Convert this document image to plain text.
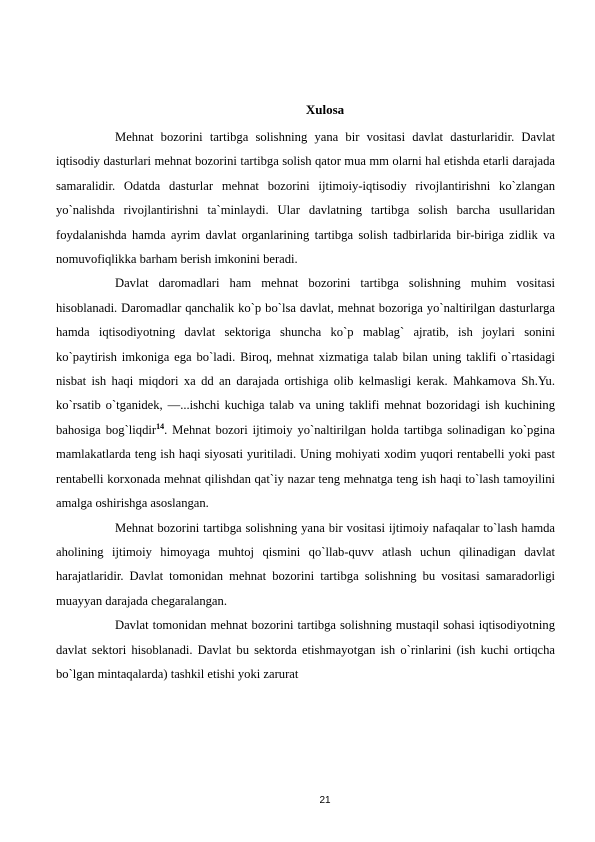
Xulosa

Mehnat bozorini tartibga solishning yana bir vositasi davlat dasturlaridir. Davlat iqtisodiy dasturlari mehnat bozorini tartibga solish qator mua mm olarni hal etishda etarli darajada samaralidir. Odatda dasturlar mehnat bozorini ijtimoiy-iqtisodiy rivojlantirishni ko`zlangan yo`nalishda rivojlantirishni ta`minlaydi. Ular davlatning tartibga solish barcha usullaridan foydalanishda hamda ayrim davlat organlarining tartibga solish tadbirlarida bir-biriga zidlik va nomuvofiqlikka barham berish imkonini beradi.

Davlat daromadlari ham mehnat bozorini tartibga solishning muhim vositasi hisoblanadi. Daromadlar qanchalik ko`p bo`lsa davlat, mehnat bozoriga yo`naltirilgan dasturlarga hamda iqtisodiyotning davlat sektoriga shuncha ko`p mablag` ajratib, ish joylari sonini ko`paytirish imkoniga ega bo`ladi. Biroq, mehnat xizmatiga talab bilan uning taklifi o`rtasidagi nisbat ish haqi miqdori xa dd an darajada ortishiga olib kelmasligi kerak. Mahkamova Sh.Yu. ko`rsatib o`tganidek, ―...ishchi kuchiga talab va uning taklifi mehnat bozoridagi ish kuchining bahosiga bog`liqdir$^{14}$. Mehnat bozori ijtimoiy yo`naltirilgan holda tartibga solinadigan ko`pgina mamlakatlarda teng ish haqi siyosati yuritiladi. Uning mohiyati xodim yuqori rentabelli yoki past rentabelli korxonada mehnat qilishdan qat`iy nazar teng mehnatga teng ish haqi to`lash tamoyilini amalga oshirishga asoslangan.

Mehnat bozorini tartibga solishning yana bir vositasi ijtimoiy nafaqalar to`lash hamda aholining ijtimoiy himoyaga muhtoj qismini qo`llab-quvv atlash uchun qilinadigan davlat harajatlaridir. Davlat tomonidan mehnat bozorini tartibga solishning bu vositasi samaradorligi muayyan darajada chegaralangan.

Davlat tomonidan mehnat bozorini tartibga solishning mustaqil sohasi iqtisodiyotning davlat sektori hisoblanadi. Davlat bu sektorda etishmayotgan ish o`rinlarini (ish kuchi ortiqcha bo`lgan mintaqalarda) tashkil etishi yoki zarurat

21
